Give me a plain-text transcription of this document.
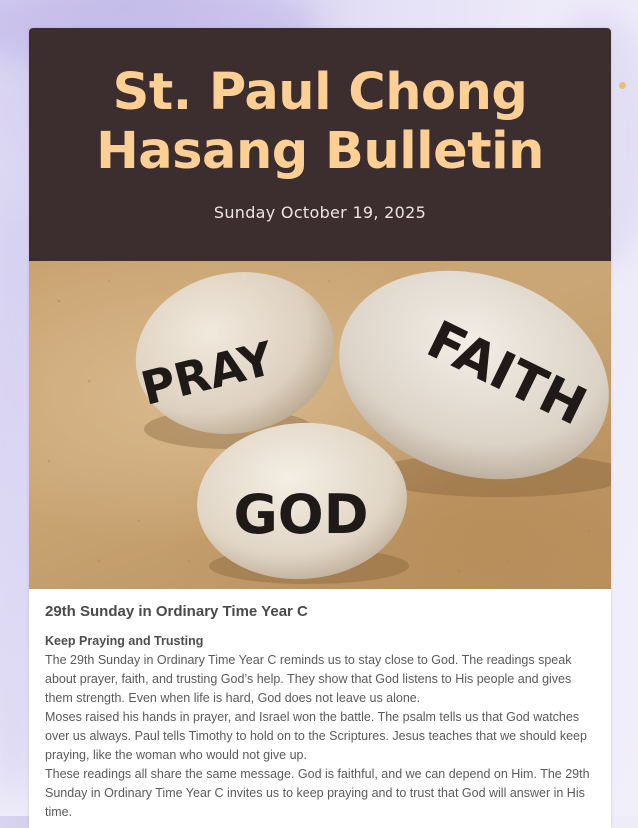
St. Paul Chong
Hasang Bulletin
Sunday October 19, 2025
PRAY	FAITH
GOD
29th Sunday in Ordinary Time Year C
Keep Praying and Trusting

The 29th Sunday in Ordinary Time Year C reminds us to stay close to God. The readings speak about prayer, faith, and trusting God’s help. They show that God listens to His people and gives them strength. Even when life is hard, God does not leave us alone.

Moses raised his hands in prayer, and Israel won the battle. The psalm tells us that God watches over us always. Paul tells Timothy to hold on to the Scriptures. Jesus teaches that we should keep praying, like the woman who would not give up.

These readings all share the same message. God is faithful, and we can depend on Him. The 29th Sunday in Ordinary Time Year C invites us to keep praying and to trust that God will answer in His time.
